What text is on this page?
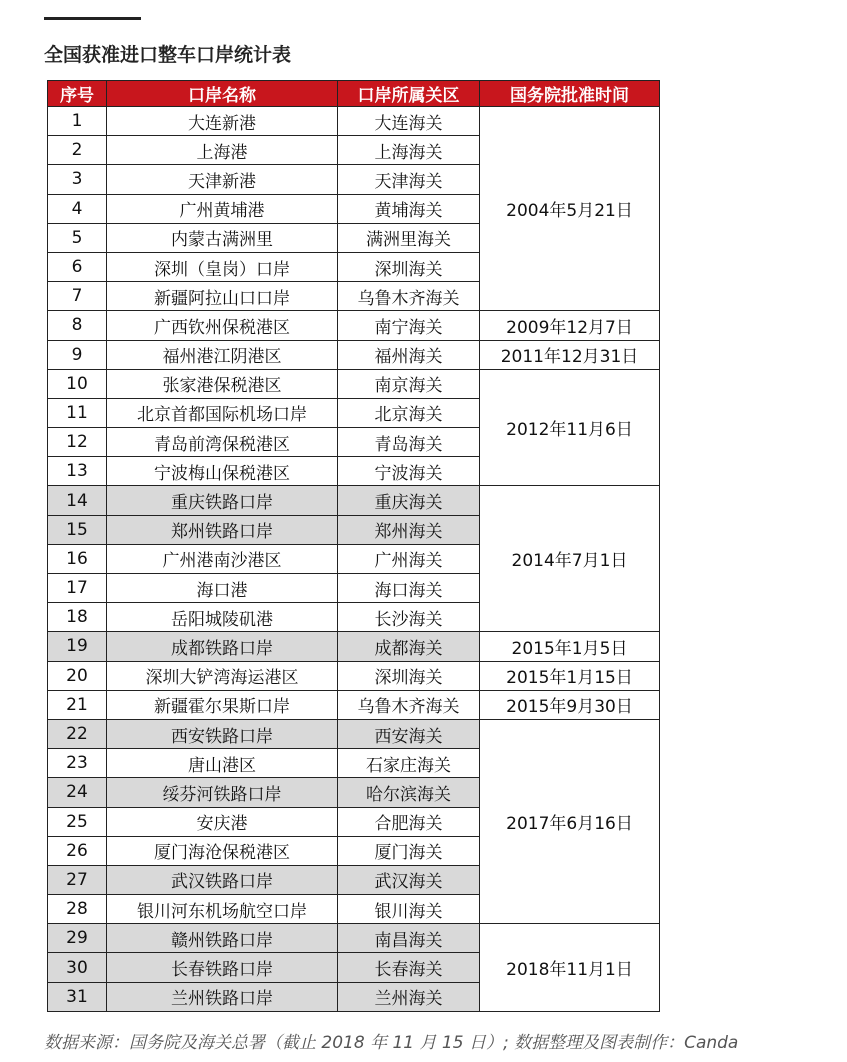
全国获准进口整车口岸统计表
序号	口岸名称	口岸所属关区	国务院批准时间
1	大连新港	大连海关	2004年5月21日
2	上海港	上海海关	
3	天津新港	天津海关	
4	广州黄埔港	黄埔海关	
5	内蒙古满洲里	满洲里海关	
6	深圳（皇岗）口岸	深圳海关	
7	新疆阿拉山口口岸	乌鲁木齐海关	
8	广西钦州保税港区	南宁海关	2009年12月7日
9	福州港江阴港区	福州海关	2011年12月31日
10	张家港保税港区	南京海关	2012年11月6日
11	北京首都国际机场口岸	北京海关	
12	青岛前湾保税港区	青岛海关	
13	宁波梅山保税港区	宁波海关	
14	重庆铁路口岸	重庆海关	2014年7月1日
15	郑州铁路口岸	郑州海关	
16	广州港南沙港区	广州海关	
17	海口港	海口海关	
18	岳阳城陵矶港	长沙海关	
19	成都铁路口岸	成都海关	2015年1月5日
20	深圳大铲湾海运港区	深圳海关	2015年1月15日
21	新疆霍尔果斯口岸	乌鲁木齐海关	2015年9月30日
22	西安铁路口岸	西安海关	2017年6月16日
23	唐山港区	石家庄海关	
24	绥芬河铁路口岸	哈尔滨海关	
25	安庆港	合肥海关	
26	厦门海沧保税港区	厦门海关	
27	武汉铁路口岸	武汉海关	
28	银川河东机场航空口岸	银川海关	
29	赣州铁路口岸	南昌海关	2018年11月1日
30	长春铁路口岸	长春海关	
31	兰州铁路口岸	兰州海关	
数据来源：国务院及海关总署（截止 2018 年 11 月 15 日）; 数据整理及图表制作：Canda
